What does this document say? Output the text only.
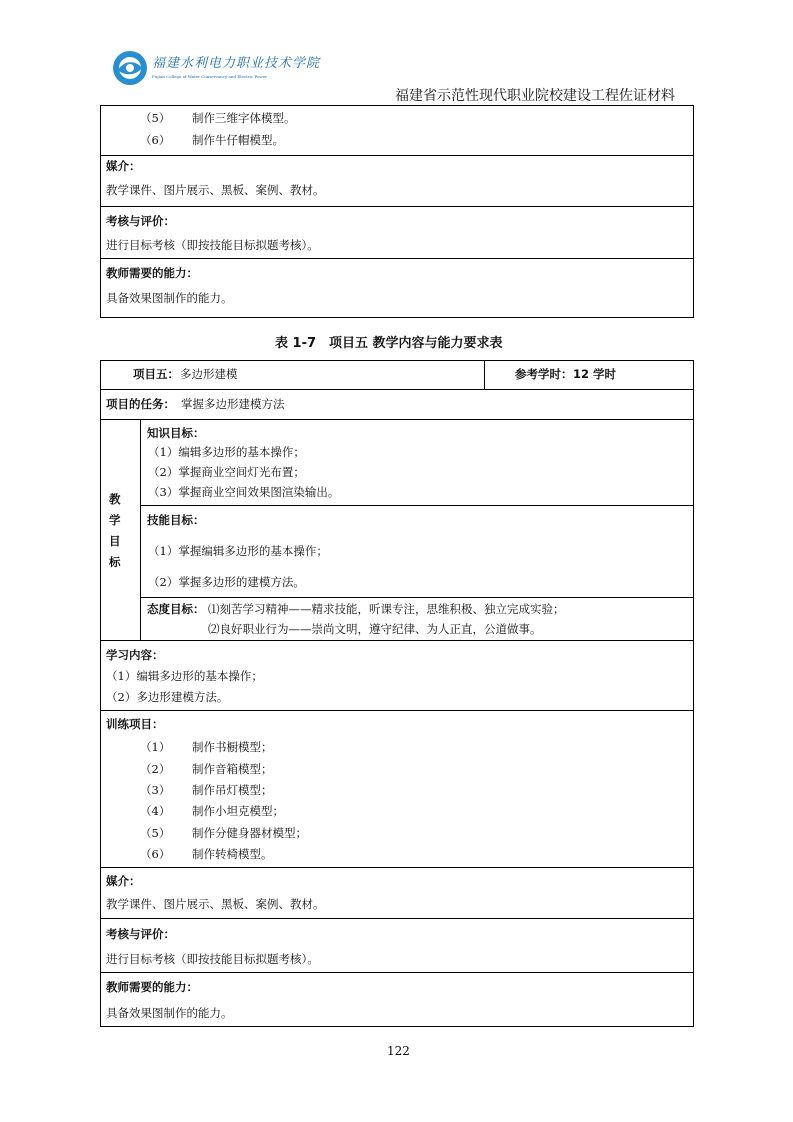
福建水利电力职业技术学院
Fujian College of Water Conservancy and Electric Power
福建省示范性现代职业院校建设工程佐证材料
（5） 制作三维字体模型。
（6） 制作牛仔帽模型。
媒介：
教学课件、图片展示、黑板、案例、教材。
考核与评价：
进行目标考核（即按技能目标拟题考核）。
教师需要的能力：
具备效果图制作的能力。
表 1-7　项目五 教学内容与能力要求表
项目五： 多边形建模	参考学时： 12 学时
项目的任务： 掌握多边形建模方法
教
学
目
标
知识目标：
（1）编辑多边形的基本操作；
（2）掌握商业空间灯光布置；
（3）掌握商业空间效果图渲染输出。
技能目标：
（1）掌握编辑多边形的基本操作；
（2）掌握多边形的建模方法。
态度目标： ⑴刻苦学习精神——精求技能，听课专注，思维积极、独立完成实验；
⑵良好职业行为——崇尚文明，遵守纪律、为人正直，公道做事。
学习内容：
（1）编辑多边形的基本操作；
（2）多边形建模方法。
训练项目：
（1） 制作书橱模型；
（2） 制作音箱模型；
（3） 制作吊灯模型；
（4） 制作小坦克模型；
（5） 制作分健身器材模型；
（6） 制作转椅模型。
媒介：
教学课件、图片展示、黑板、案例、教材。
考核与评价：
进行目标考核（即按技能目标拟题考核）。
教师需要的能力：
具备效果图制作的能力。
122
